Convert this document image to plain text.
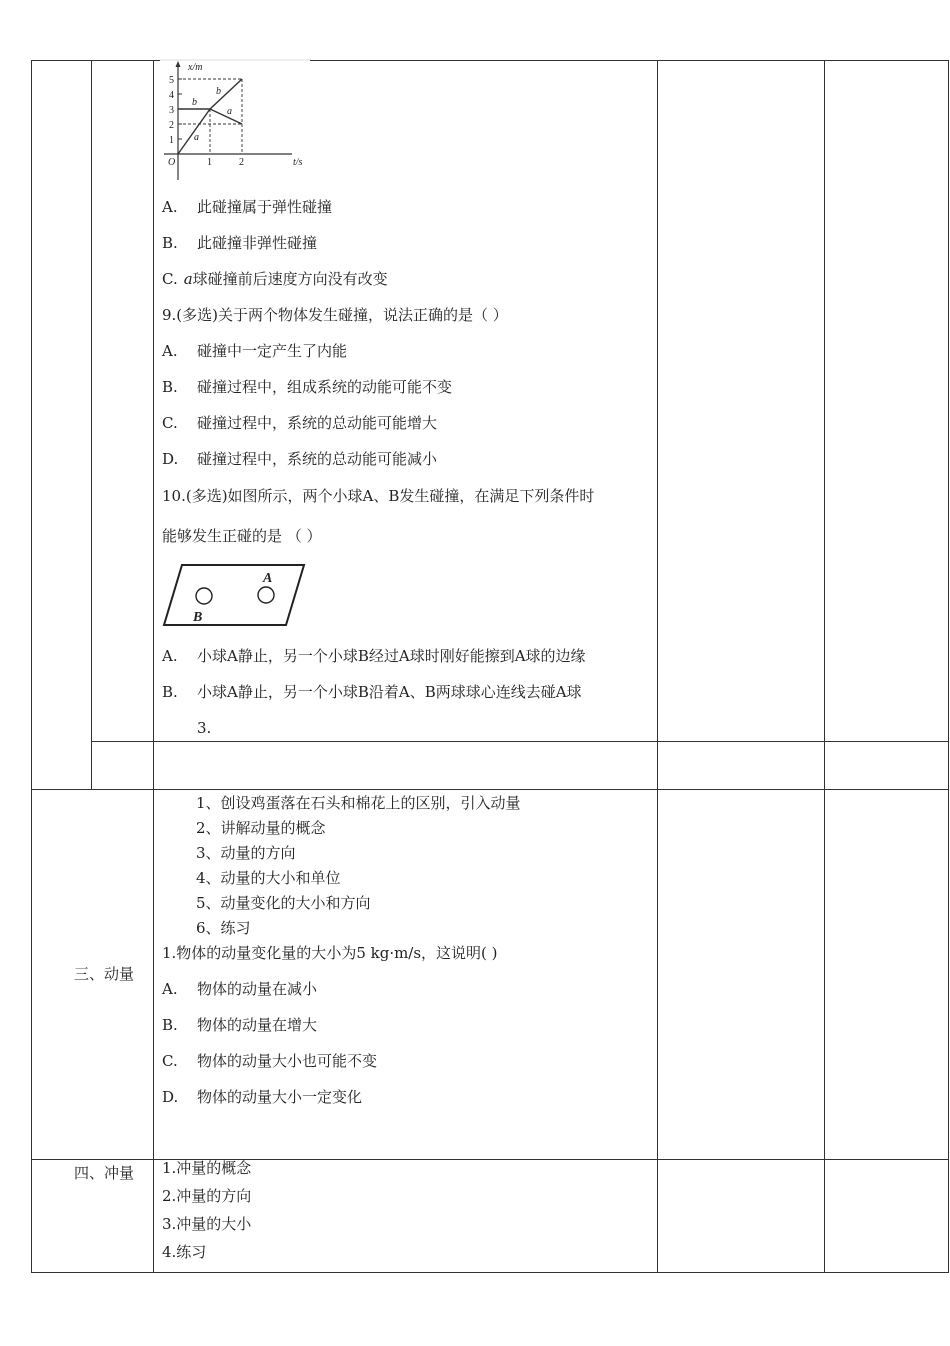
x/m
t/s
O
1
2
3
4
5
1	2
a
b
b
a
A. 此碰撞属于弹性碰撞
B. 此碰撞非弹性碰撞
C. a球碰撞前后速度方向没有改变
9.(多选)关于两个物体发生碰撞，说法正确的是（ ）
A. 碰撞中一定产生了内能
B. 碰撞过程中，组成系统的动能可能不变
C. 碰撞过程中，系统的总动能可能增大
D. 碰撞过程中，系统的总动能可能减小
10.(多选)如图所示，两个小球A、B发生碰撞，在满足下列条件时
能够发生正碰的是 （ ）
A
B
A. 小球A静止，另一个小球B经过A球时刚好能擦到A球的边缘
B. 小球A静止，另一个小球B沿着A、B两球球心连线去碰A球
3.
三、动量
1、创设鸡蛋落在石头和棉花上的区别，引入动量
2、讲解动量的概念
3、动量的方向
4、动量的大小和单位
5、动量变化的大小和方向
6、练习
1.物体的动量变化量的大小为5 kg·m/s，这说明( )
A. 物体的动量在减小
B. 物体的动量在增大
C. 物体的动量大小也可能不变
D. 物体的动量大小一定变化
四、冲量 1.冲量的概念
2.冲量的方向
3.冲量的大小
4.练习
